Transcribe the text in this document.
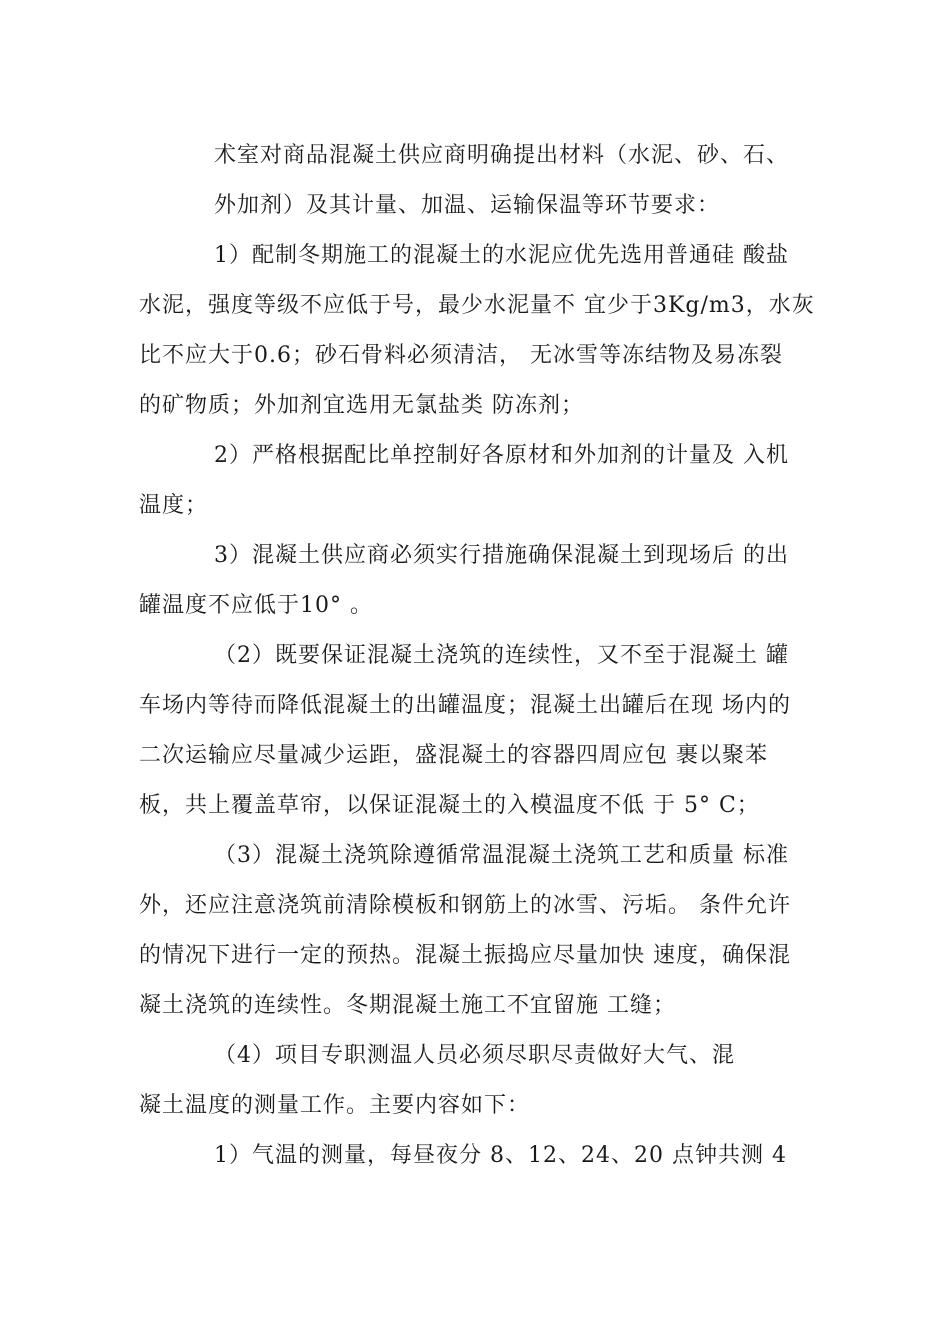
术室对商品混凝土供应商明确提出材料（水泥、砂、石、
外加剂）及其计量、加温、运输保温等环节要求：
1）配制冬期施工的混凝土的水泥应优先选用普通硅 酸盐
水泥，强度等级不应低于号，最少水泥量不 宜少于3Kg/m3，水灰
比不应大于0.6；砂石骨料必须清洁， 无冰雪等冻结物及易冻裂
的矿物质；外加剂宜选用无氯盐类 防冻剂；
2）严格根据配比单控制好各原材和外加剂的计量及 入机
温度；
3）混凝土供应商必须实行措施确保混凝土到现场后 的出
罐温度不应低于10° 。
（2）既要保证混凝土浇筑的连续性，又不至于混凝土 罐
车场内等待而降低混凝土的出罐温度；混凝土出罐后在现 场内的
二次运输应尽量减少运距，盛混凝土的容器四周应包 裹以聚苯
板，共上覆盖草帘，以保证混凝土的入模温度不低 于 5° C；
（3）混凝土浇筑除遵循常温混凝土浇筑工艺和质量 标准
外，还应注意浇筑前清除模板和钢筋上的冰雪、污垢。 条件允许
的情况下进行一定的预热。混凝土振捣应尽量加快 速度，确保混
凝土浇筑的连续性。冬期混凝土施工不宜留施 工缝；
（4）项目专职测温人员必须尽职尽责做好大气、混
凝土温度的测量工作。主要内容如下：
1）气温的测量，每昼夜分 8、12、24、20 点钟共测 4
